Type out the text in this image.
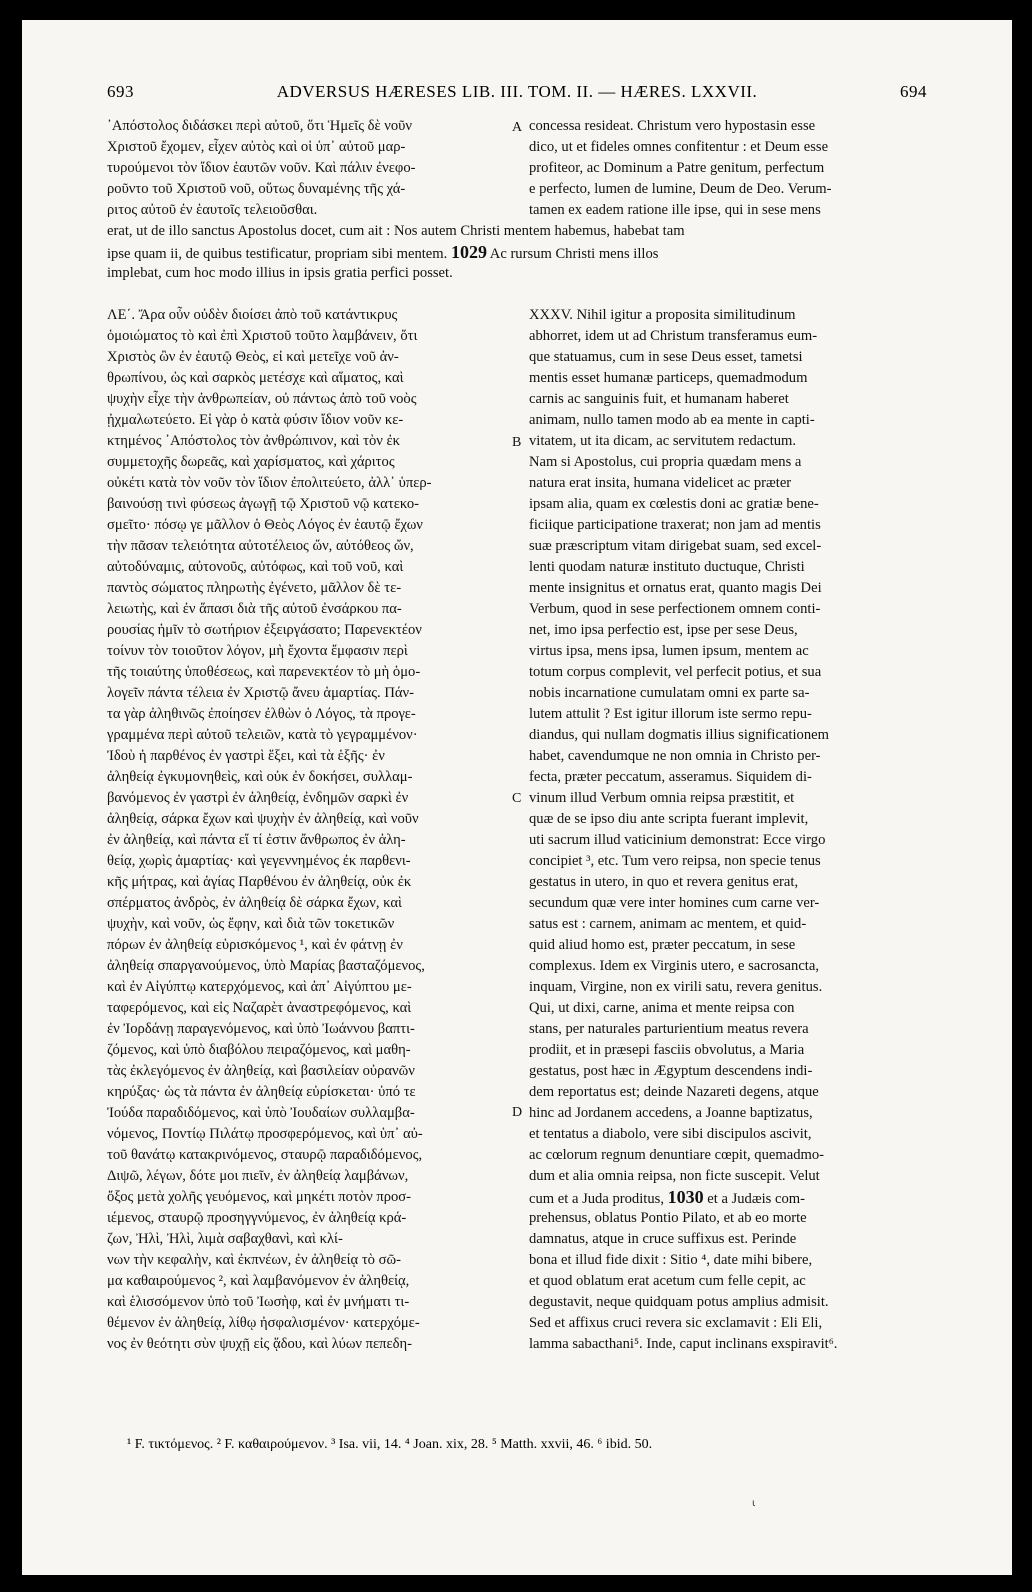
693	ADVERSUS HÆRESES LIB. III. TOM. II. — HÆRES. LXXVII.	694
᾿Απόστολος διδάσκει περὶ αὐτοῦ, ὅτι Ἡμεῖς δὲ νοῦν
Χριστοῦ ἔχομεν, εἶχεν αὐτὸς καὶ οἱ ὑπ᾿ αὐτοῦ μαρ-
τυρούμενοι τὸν ἴδιον ἑαυτῶν νοῦν. Καὶ πάλιν ἐνεφο-
ροῦντο τοῦ Χριστοῦ νοῦ, οὕτως δυναμένης τῆς χά-
ριτος αὐτοῦ ἐν ἑαυτοῖς τελειοῦσθαι.
concessa resideat. Christum vero hypostasin esse
dico, ut et fideles omnes confitentur : et Deum esse
profiteor, ac Dominum a Patre genitum, perfectum
e perfecto, lumen de lumine, Deum de Deo. Verum-
tamen ex eadem ratione ille ipse, qui in sese mens
erat, ut de illo sanctus Apostolus docet, cum ait : Nos autem Christi mentem habemus, habebat tam
ipse quam ii, de quibus testificatur, propriam sibi mentem. 1029 Ac rursum Christi mens illos
implebat, cum hoc modo illius in ipsis gratia perfici posset.
ΛΕ΄. Ἄρα οὖν οὐδὲν διοίσει ἀπὸ τοῦ κατάντικρυς
ὁμοιώματος τὸ καὶ ἐπὶ Χριστοῦ τοῦτο λαμβάνειν, ὅτι
Χριστὸς ὢν ἐν ἑαυτῷ Θεὸς, εἰ καὶ μετεῖχε νοῦ ἀν-
θρωπίνου, ὡς καὶ σαρκὸς μετέσχε καὶ αἵματος, καὶ
ψυχὴν εἶχε τὴν ἀνθρωπείαν, οὐ πάντως ἀπὸ τοῦ νοὸς
ᾐχμαλωτεύετο. Εἰ γὰρ ὁ κατὰ φύσιν ἴδιον νοῦν κε-
κτημένος ᾿Απόστολος τὸν ἀνθρώπινον, καὶ τὸν ἐκ
συμμετοχῆς δωρεᾶς, καὶ χαρίσματος, καὶ χάριτος
οὐκέτι κατὰ τὸν νοῦν τὸν ἴδιον ἐπολιτεύετο, ἀλλ᾿ ὑπερ-
βαινούσῃ τινὶ φύσεως ἀγωγῇ τῷ Χριστοῦ νῷ κατεκο-
σμεῖτο· πόσῳ γε μᾶλλον ὁ Θεὸς Λόγος ἐν ἑαυτῷ ἔχων
τὴν πᾶσαν τελειότητα αὐτοτέλειος ὤν, αὐτόθεος ὤν,
αὐτοδύναμις, αὐτονοῦς, αὐτόφως, καὶ τοῦ νοῦ, καὶ
παντὸς σώματος πληρωτὴς ἐγένετο, μᾶλλον δὲ τε-
λειωτὴς, καὶ ἐν ἅπασι διὰ τῆς αὐτοῦ ἐνσάρκου πα-
ρουσίας ἡμῖν τὸ σωτήριον ἐξειργάσατο; Παρενεκτέον
τοίνυν τὸν τοιοῦτον λόγον, μὴ ἔχοντα ἔμφασιν περὶ
τῆς τοιαύτης ὑποθέσεως, καὶ παρενεκτέον τὸ μὴ ὁμο-
λογεῖν πάντα τέλεια ἐν Χριστῷ ἄνευ ἁμαρτίας. Πάν-
τα γὰρ ἀληθινῶς ἐποίησεν ἐλθὼν ὁ Λόγος, τὰ προγε-
γραμμένα περὶ αὐτοῦ τελειῶν, κατὰ τὸ γεγραμμένον·
Ἰδοὺ ἡ παρθένος ἐν γαστρὶ ἕξει, καὶ τὰ ἑξῆς· ἐν
ἀληθείᾳ ἐγκυμονηθεὶς, καὶ οὐκ ἐν δοκήσει, συλλαμ-
βανόμενος ἐν γαστρὶ ἐν ἀληθείᾳ, ἐνδημῶν σαρκὶ ἐν
ἀληθείᾳ, σάρκα ἔχων καὶ ψυχὴν ἐν ἀληθείᾳ, καὶ νοῦν
ἐν ἀληθείᾳ, καὶ πάντα εἴ τί ἐστιν ἄνθρωπος ἐν ἀλη-
θείᾳ, χωρὶς ἁμαρτίας· καὶ γεγεννημένος ἐκ παρθενι-
κῆς μήτρας, καὶ ἁγίας Παρθένου ἐν ἀληθείᾳ, οὐκ ἐκ
σπέρματος ἀνδρὸς, ἐν ἀληθείᾳ δὲ σάρκα ἔχων, καὶ
ψυχὴν, καὶ νοῦν, ὡς ἔφην, καὶ διὰ τῶν τοκετικῶν
πόρων ἐν ἀληθείᾳ εὑρισκόμενος ¹, καὶ ἐν φάτνῃ ἐν
ἀληθείᾳ σπαργανούμενος, ὑπὸ Μαρίας βασταζόμενος,
καὶ ἐν Αἰγύπτῳ κατερχόμενος, καὶ ἀπ᾿ Αἰγύπτου με-
ταφερόμενος, καὶ εἰς Ναζαρὲτ ἀναστρεφόμενος, καὶ
ἐν Ἰορδάνῃ παραγενόμενος, καὶ ὑπὸ Ἰωάννου βαπτι-
ζόμενος, καὶ ὑπὸ διαβόλου πειραζόμενος, καὶ μαθη-
τὰς ἐκλεγόμενος ἐν ἀληθείᾳ, καὶ βασιλείαν οὐρανῶν
κηρύξας· ὡς τὰ πάντα ἐν ἀληθείᾳ εὑρίσκεται· ὑπό τε
Ἰούδα παραδιδόμενος, καὶ ὑπὸ Ἰουδαίων συλλαμβα-
νόμενος, Ποντίῳ Πιλάτῳ προσφερόμενος, καὶ ὑπ᾿ αὐ-
τοῦ θανάτῳ κατακρινόμενος, σταυρῷ παραδιδόμενος,
Διψῶ, λέγων, δότε μοι πιεῖν, ἐν ἀληθείᾳ λαμβάνων,
ὄξος μετὰ χολῆς γευόμενος, καὶ μηκέτι ποτὸν προσ-
ιέμενος, σταυρῷ προσηγγνύμενος, ἐν ἀληθείᾳ κρά-
ζων, Ἠλὶ, Ἠλὶ, λιμὰ σαβαχθανὶ, καὶ κλί-
νων τὴν κεφαλὴν, καὶ ἐκπνέων, ἐν ἀληθείᾳ τὸ σῶ-
μα καθαιρούμενος ², καὶ λαμβανόμενον ἐν ἀληθείᾳ,
καὶ ἑλισσόμενον ὑπὸ τοῦ Ἰωσὴφ, καὶ ἐν μνήματι τι-
θέμενον ἐν ἀληθείᾳ, λίθῳ ἠσφαλισμένον· κατερχόμε-
νος ἐν θεότητι σὺν ψυχῇ εἰς ᾅδου, καὶ λύων πεπεδη-
XXXV. Nihil igitur a proposita similitudinum
abhorret, idem ut ad Christum transferamus eum-
que statuamus, cum in sese Deus esset, tametsi
mentis esset humanæ particeps, quemadmodum
carnis ac sanguinis fuit, et humanam haberet
animam, nullo tamen modo ab ea mente in capti-
vitatem, ut ita dicam, ac servitutem redactum.
Nam si Apostolus, cui propria quædam mens a
natura erat insita, humana videlicet ac præter
ipsam alia, quam ex cœlestis doni ac gratiæ bene-
ficiique participatione traxerat; non jam ad mentis
suæ præscriptum vitam dirigebat suam, sed excel-
lenti quodam naturæ instituto ductuque, Christi
mente insignitus et ornatus erat, quanto magis Dei
Verbum, quod in sese perfectionem omnem conti-
net, imo ipsa perfectio est, ipse per sese Deus,
virtus ipsa, mens ipsa, lumen ipsum, mentem ac
totum corpus complevit, vel perfecit potius, et sua
nobis incarnatione cumulatam omni ex parte sa-
lutem attulit ? Est igitur illorum iste sermo repu-
diandus, qui nullam dogmatis illius significationem
habet, cavendumque ne non omnia in Christo per-
fecta, præter peccatum, asseramus. Siquidem di-
vinum illud Verbum omnia reipsa præstitit, et
quæ de se ipso diu ante scripta fuerant implevit,
uti sacrum illud vaticinium demonstrat: Ecce virgo
concipiet ³, etc. Tum vero reipsa, non specie tenus
gestatus in utero, in quo et revera genitus erat,
secundum quæ vere inter homines cum carne ver-
satus est : carnem, animam ac mentem, et quid-
quid aliud homo est, præter peccatum, in sese
complexus. Idem ex Virginis utero, e sacrosancta,
inquam, Virgine, non ex virili satu, revera genitus.
Qui, ut dixi, carne, anima et mente reipsa con
stans, per naturales parturientium meatus revera
prodiit, et in præsepi fasciis obvolutus, a Maria
gestatus, post hæc in Ægyptum descendens indi-
dem reportatus est; deinde Nazareti degens, atque
hinc ad Jordanem accedens, a Joanne baptizatus,
et tentatus a diabolo, vere sibi discipulos ascivit,
ac cœlorum regnum denuntiare cœpit, quemadmo-
dum et alia omnia reipsa, non ficte suscepit. Velut
cum et a Juda proditus, 1030 et a Judæis com-
prehensus, oblatus Pontio Pilato, et ab eo morte
damnatus, atque in cruce suffixus est. Perinde
bona et illud fide dixit : Sitio ⁴, date mihi bibere,
et quod oblatum erat acetum cum felle cepit, ac
degustavit, neque quidquam potus amplius admisit.
Sed et affixus cruci revera sic exclamavit : Eli Eli,
lamma sabacthani⁵. Inde, caput inclinans exspiravit⁶.
A
B
C
D
¹ F. τικτόμενος. ² F. καθαιρούμενον. ³ Isa. vii, 14. ⁴ Joan. xix, 28. ⁵ Matth. xxvii, 46. ⁶ ibid. 50.
ι
